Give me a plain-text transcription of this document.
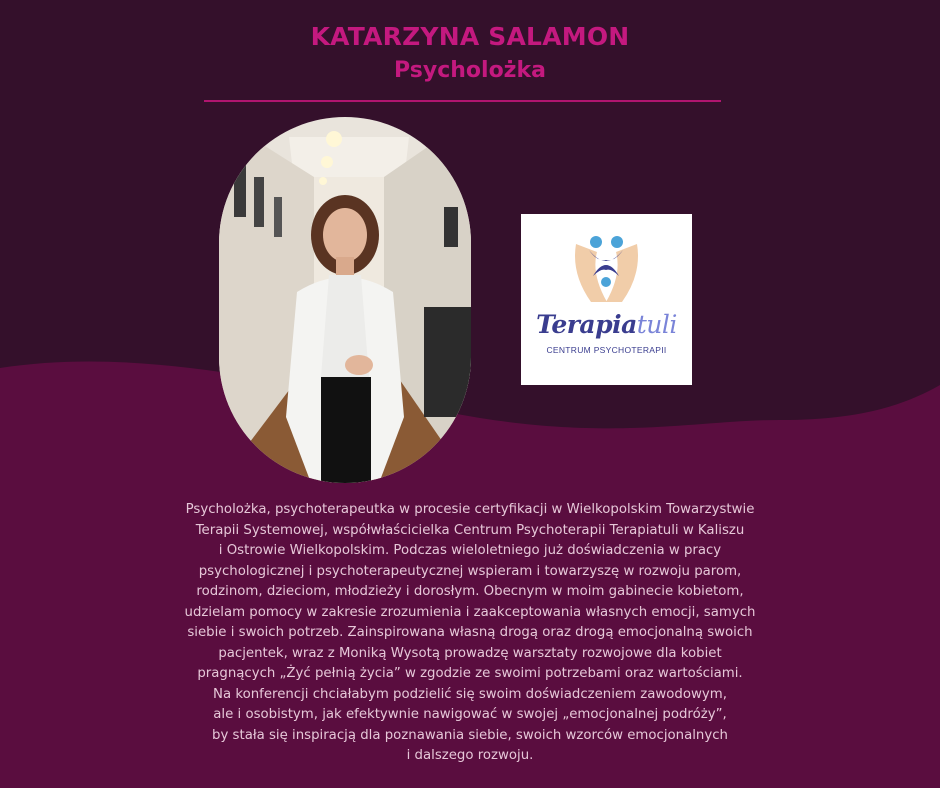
KATARZYNA SALAMON
Psycholożka
Terapiatuli
CENTRUM PSYCHOTERAPII
Psycholożka, psychoterapeutka w procesie certyfikacji w Wielkopolskim Towarzystwie
Terapii Systemowej, współwłaścicielka Centrum Psychoterapii Terapiatuli w Kaliszu
i Ostrowie Wielkopolskim. Podczas wieloletniego już doświadczenia w pracy
psychologicznej i psychoterapeutycznej wspieram i towarzyszę w rozwoju parom,
rodzinom, dzieciom, młodzieży i dorosłym. Obecnym w moim gabinecie kobietom,
udzielam pomocy w zakresie zrozumienia i zaakceptowania własnych emocji, samych
siebie i swoich potrzeb. Zainspirowana własną drogą oraz drogą emocjonalną swoich
pacjentek, wraz z Moniką Wysotą prowadzę warsztaty rozwojowe dla kobiet
pragnących „Żyć pełnią życia” w zgodzie ze swoimi potrzebami oraz wartościami.
Na konferencji chciałabym podzielić się swoim doświadczeniem zawodowym,
ale i osobistym, jak efektywnie nawigować w swojej „emocjonalnej podróży”,
by stała się inspiracją dla poznawania siebie, swoich wzorców emocjonalnych
i dalszego rozwoju.
